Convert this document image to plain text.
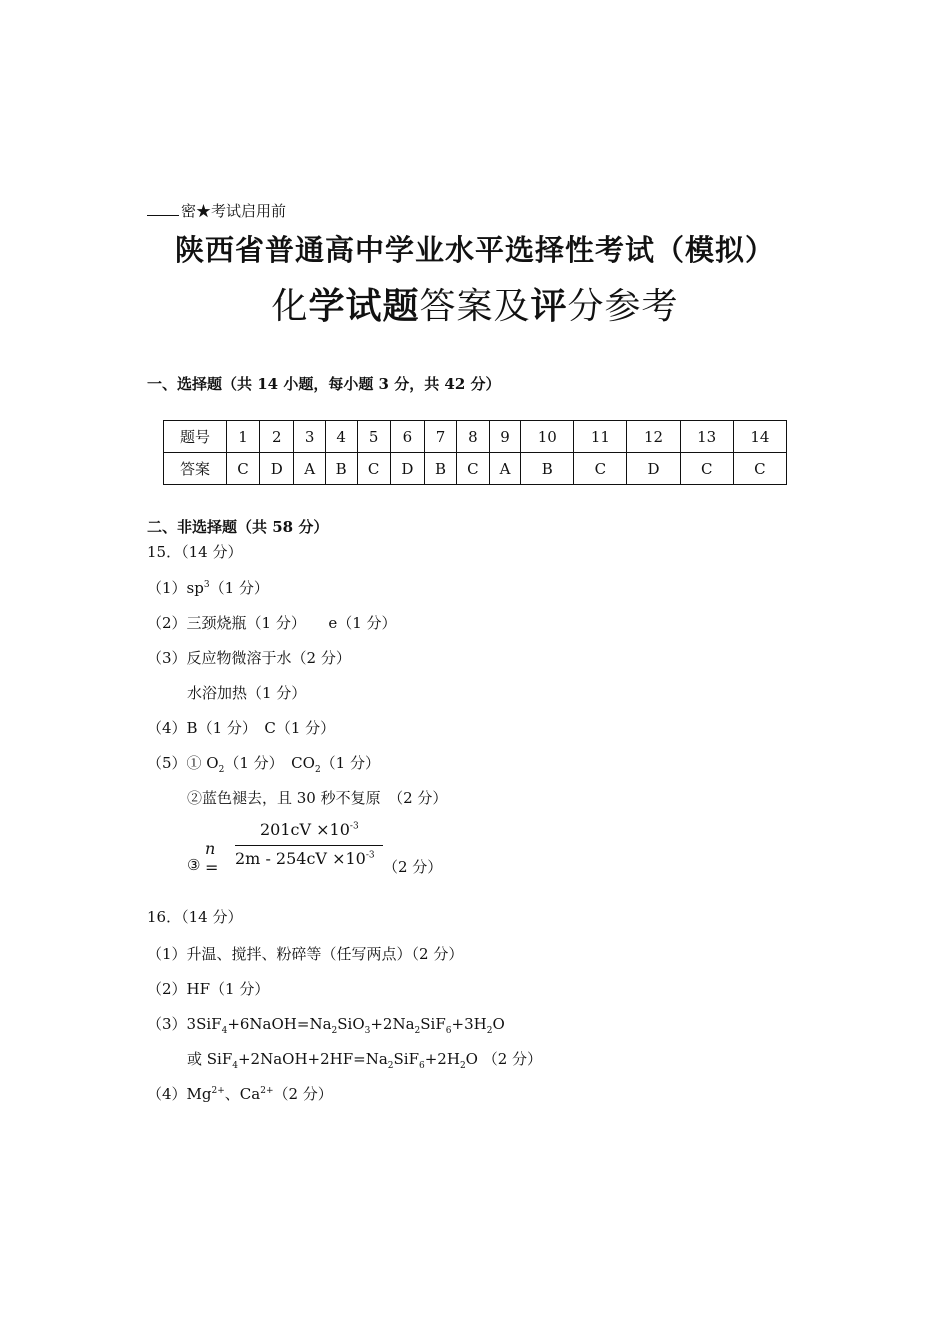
密★考试启用前
陕西省普通高中学业水平选择性考试（模拟）
化学试题答案及评分参考
一、选择题（共 14 小题，每小题 3 分，共 42 分）
题号	1	2	3	4	5	6	7	8	9	10	11	12	13	14
答案	C	D	A	B	C	D	B	C	A	B	C	D	C	C
二、非选择题（共 58 分）
15．（14 分）
$(1)sp^3(1$ 分）
（2）三颈烧瓶（1 分）　　e（1 分）
（3）反应物微溶于水（2 分）
水浴加热（1 分）
（4）B（1 分）　C（1 分）
（5）① $O_2(1$ 分）　$CO_2(1$ 分）
②蓝色褪去，且 30 秒不复原　（2 分）
③
n =
$201cV \times 10^{-3}$
$2m - 254cV \times 10^{-3}$
（2 分）
16．（14 分）
（1）升温、搅拌、粉碎等（任写两点）（2 分）
（2）HF（1 分）
$(3)3SiF_4+6NaOH=Na_2SiO_3+2Na_2SiF_6+3H_2O$
或 $SiF_4+2NaOH+2HF=Na_2SiF_6+2H_2O$ （2 分）
$(4)Mg^{2+}$、$Ca^{2+}(2$ 分）
